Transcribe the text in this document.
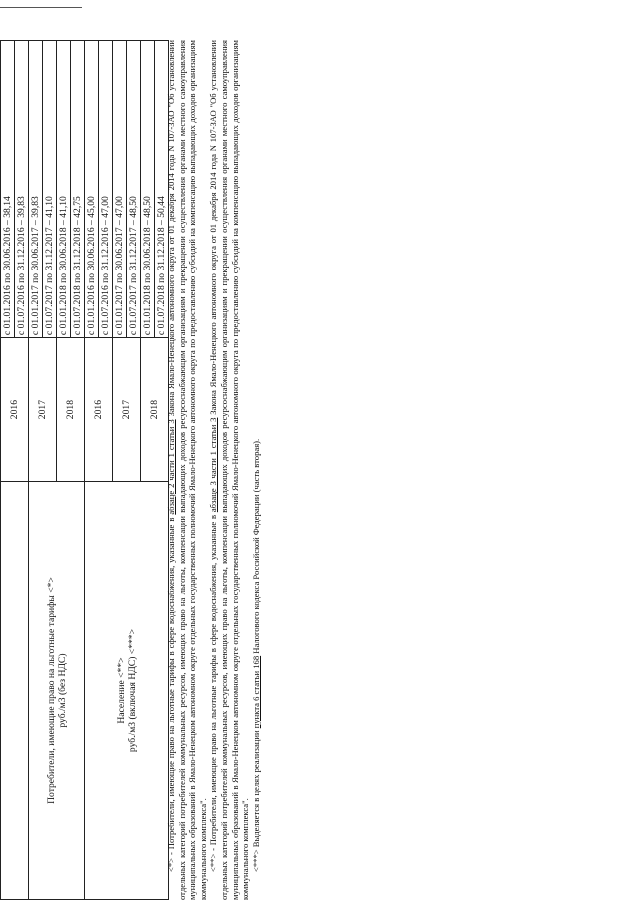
	2016	с 01.01.2016 по 30.06.2016 – 38,14 с 01.07.2016 по 31.12.2016 – 39,83

Потребители, имеющие право на льготные тарифы <*> руб./м3 (без НДС)	2017	с 01.01.2017 по 30.06.2017 – 39,83 с 01.07.2017 по 31.12.2017 – 41,10

	2018	с 01.01.2018 по 30.06.2018 – 41,10 с 01.07.2018 по 31.12.2018 – 42,75

Население <**> руб./м3 (включая НДС) <***>	2016	с 01.01.2016 по 30.06.2016 – 45,00 с 01.07.2016 по 31.12.2016 – 47,00

	2017	с 01.01.2017 по 30.06.2017 – 47,00 с 01.07.2017 по 31.12.2017 – 48,50

	2018	с 01.01.2018 по 30.06.2018 – 48,50 с 01.07.2018 по 31.12.2018 – 50,44

<*> - Потребители, имеющие право на льготные тарифы в сфере водоснабжения, указанные в абзаце 2 части 1 статьи 3 Закона Ямало-Ненецкого автономного округа от 01 декабря 2014 года N 107-ЗАО "Об установлении отдельных категорий потребителей коммунальных ресурсов, имеющих право на льготы, компенсации выпадающих доходов ресурсоснабжающим организациям и прекращении осуществления органами местного самоуправления муниципальных образований в Ямало-Ненецком автономном округе отдельных государственных полномочий Ямало-Ненецкого автономного округа по предоставлению субсидий на компенсацию выпадающих доходов организациям коммунального комплекса". <**> - Потребители, имеющие право на льготные тарифы в сфере водоснабжения, указанные в абзаце 3 части 1 статьи 3 Закона Ямало-Ненецкого автономного округа от 01 декабря 2014 года N 107-ЗАО "Об установлении отдельных категорий потребителей коммунальных ресурсов, имеющих право на льготы, компенсации выпадающих доходов ресурсоснабжающим организациям и прекращении осуществления органами местного самоуправления муниципальных образований в Ямало-Ненецком автономном округе отдельных государственных полномочий Ямало-Ненецкого автономного округа по предоставлению субсидий на компенсацию выпадающих доходов организациям коммунального комплекса". <***> Выделяется в целях реализации пункта 6 статьи 168 Налогового кодекса Российской Федерации (часть вторая).
